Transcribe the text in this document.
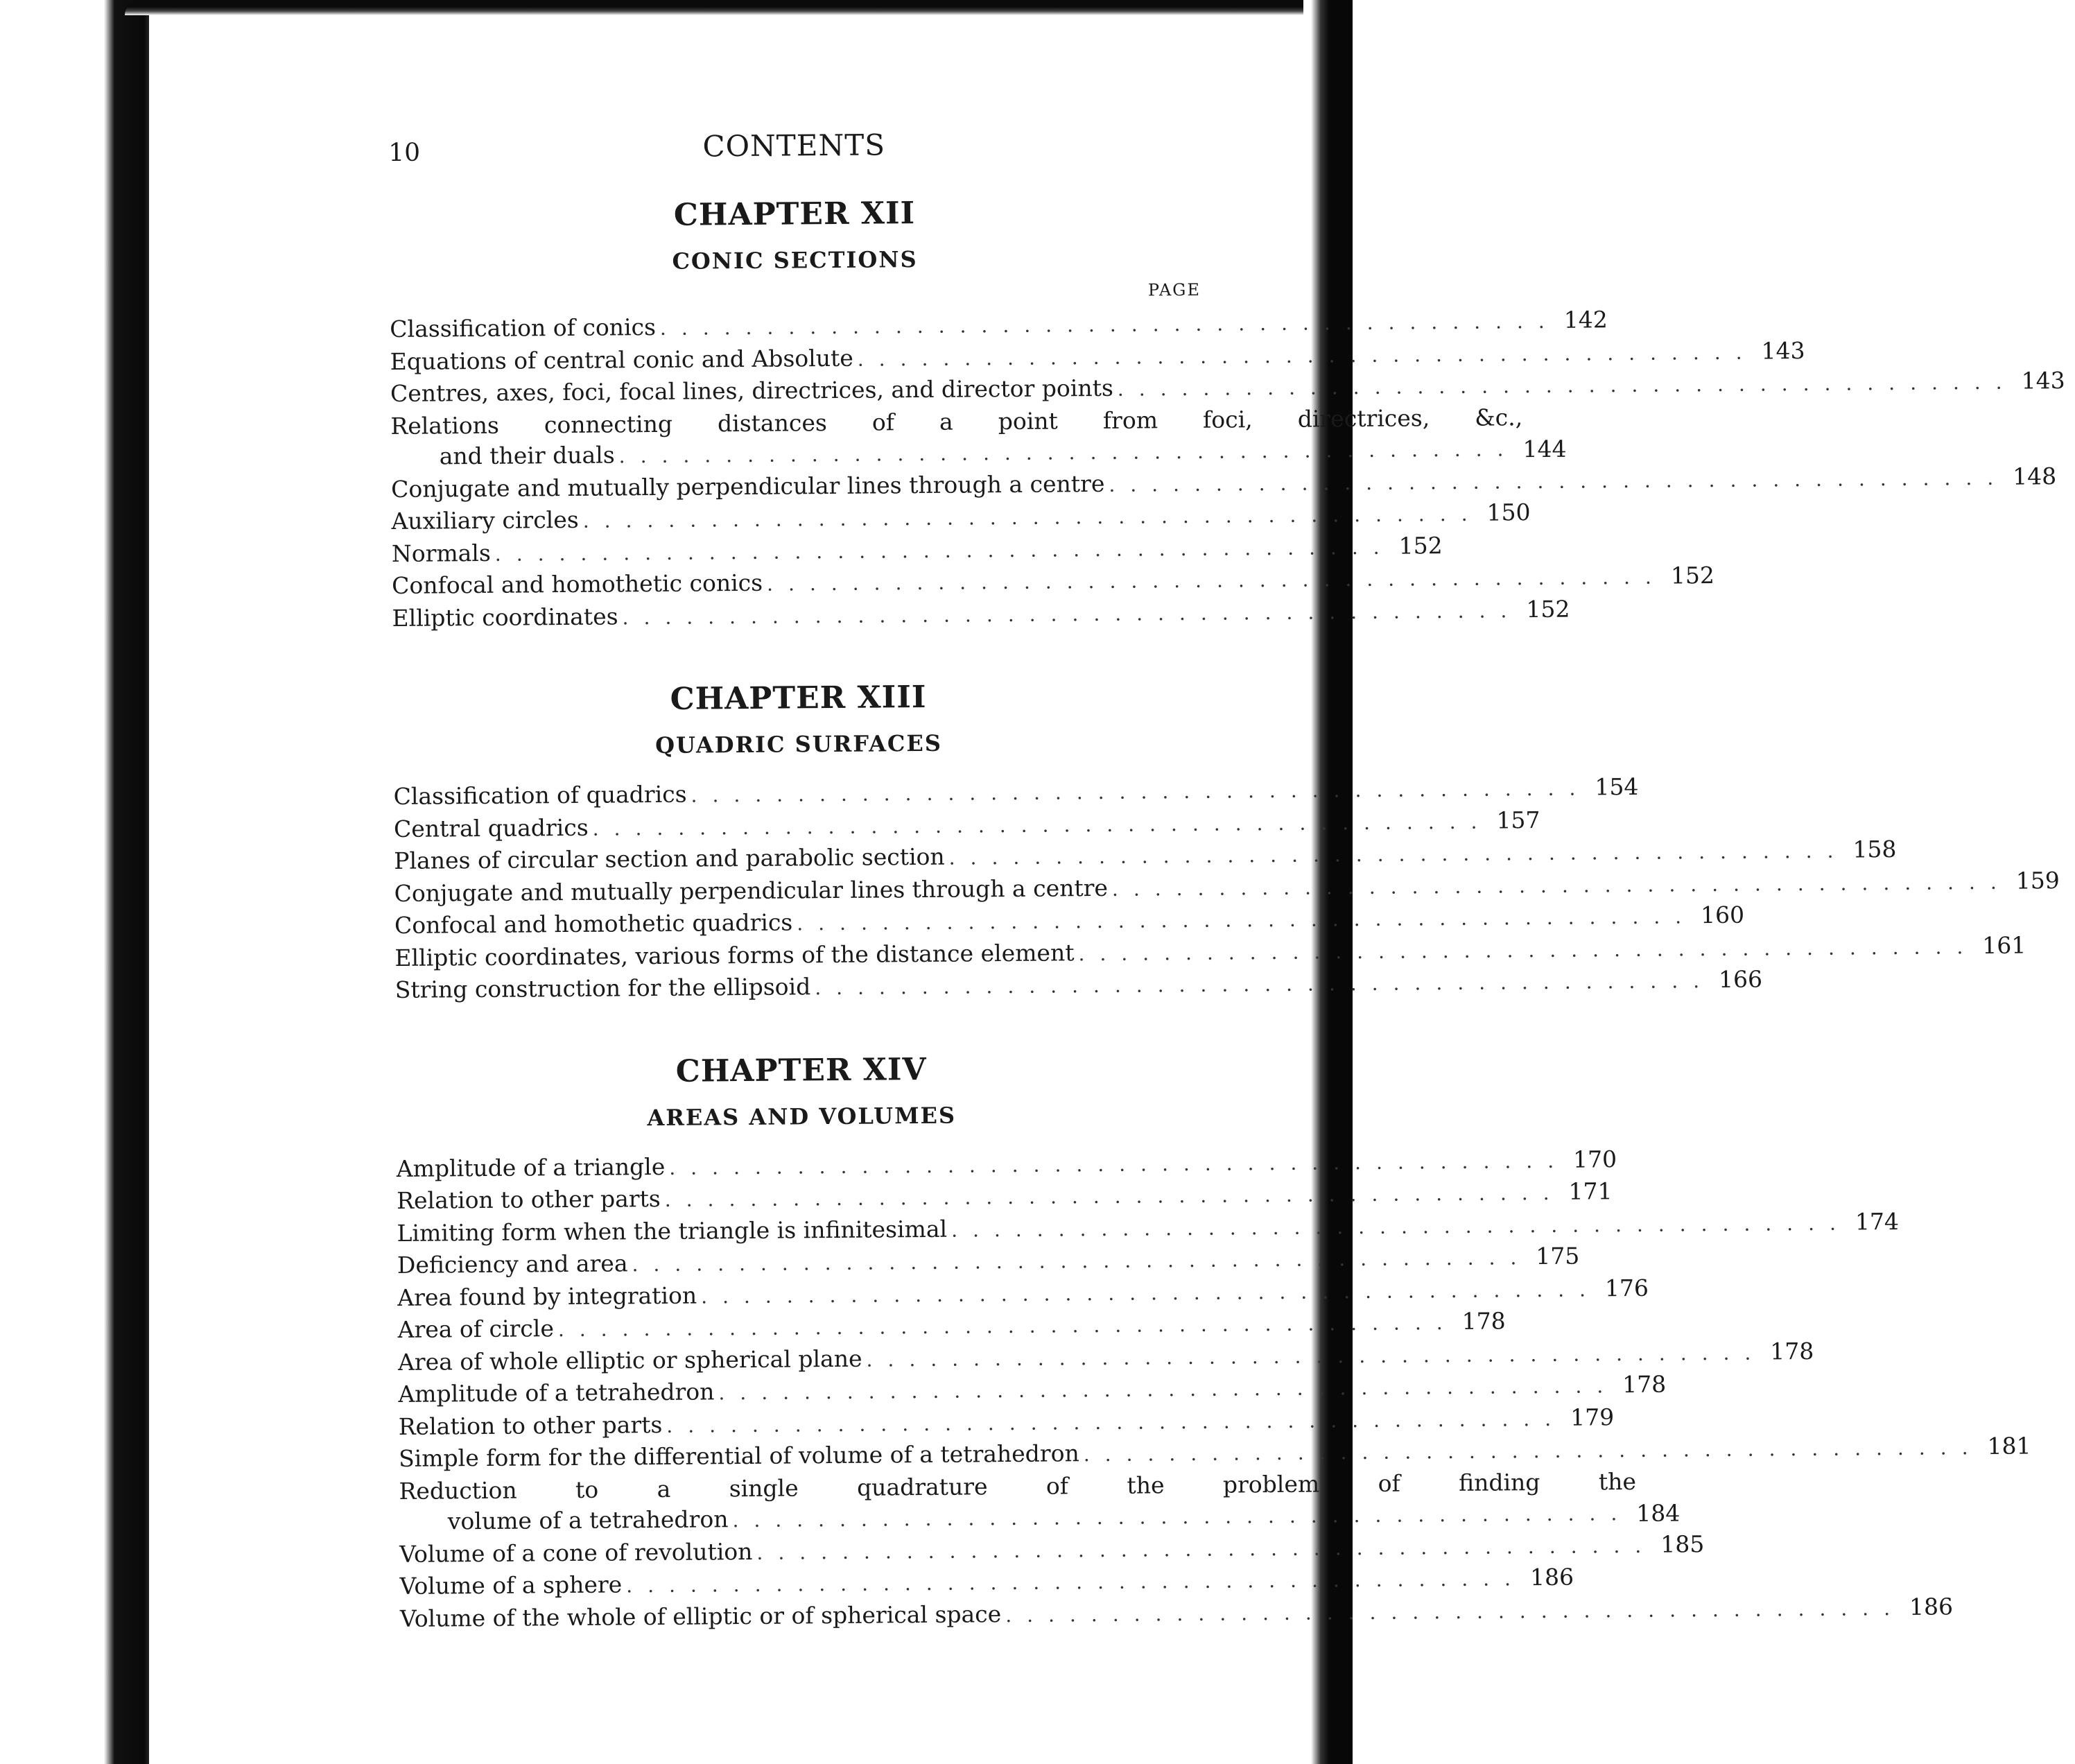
10	CONTENTS
CHAPTER XII
CONIC SECTIONS
PAGE
Classification of conics .......................................... 142
Equations of central conic and Absolute .......................................... 143
Centres, axes, foci, focal lines, directrices, and director points .......................................... 143
Relations connecting distances of a point from foci, directrices, &c.,
and their duals .......................................... 144
Conjugate and mutually perpendicular lines through a centre .......................................... 148
Auxiliary circles .......................................... 150
Normals .......................................... 152
Confocal and homothetic conics .......................................... 152
Elliptic coordinates .......................................... 152
CHAPTER XIII
QUADRIC SURFACES
Classification of quadrics .......................................... 154
Central quadrics .......................................... 157
Planes of circular section and parabolic section .......................................... 158
Conjugate and mutually perpendicular lines through a centre .......................................... 159
Confocal and homothetic quadrics .......................................... 160
Elliptic coordinates, various forms of the distance element .......................................... 161
String construction for the ellipsoid .......................................... 166
CHAPTER XIV
AREAS AND VOLUMES
Amplitude of a triangle .......................................... 170
Relation to other parts .......................................... 171
Limiting form when the triangle is infinitesimal .......................................... 174
Deficiency and area .......................................... 175
Area found by integration .......................................... 176
Area of circle .......................................... 178
Area of whole elliptic or spherical plane .......................................... 178
Amplitude of a tetrahedron .......................................... 178
Relation to other parts .......................................... 179
Simple form for the differential of volume of a tetrahedron .......................................... 181
Reduction to a single quadrature of the problem of finding the
volume of a tetrahedron .......................................... 184
Volume of a cone of revolution .......................................... 185
Volume of a sphere .......................................... 186
Volume of the whole of elliptic or of spherical space .......................................... 186
